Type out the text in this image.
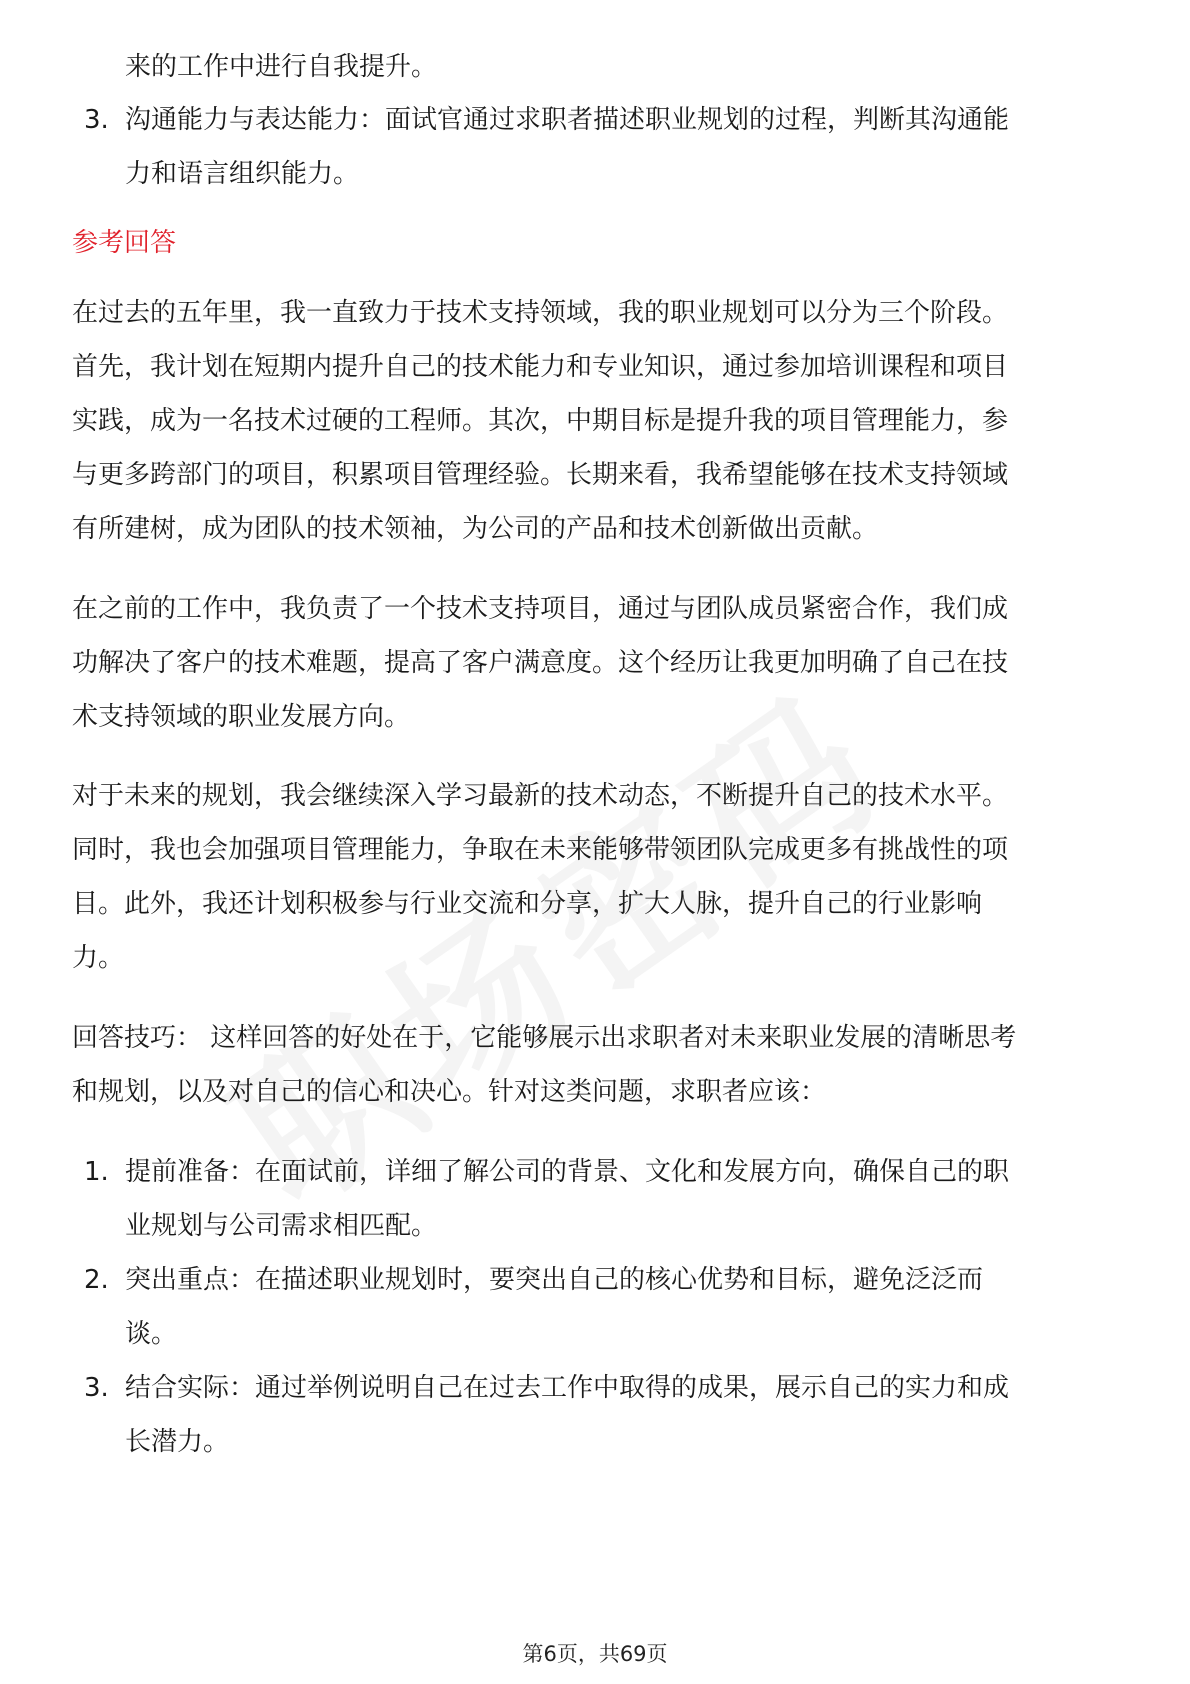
来的工作中进行自我提升。
3. 沟通能力与表达能力：面试官通过求职者描述职业规划的过程，判断其沟通能
力和语言组织能力。
参考回答
在过去的五年里，我一直致力于技术支持领域，我的职业规划可以分为三个阶段。
首先，我计划在短期内提升自己的技术能力和专业知识，通过参加培训课程和项目
实践，成为一名技术过硬的工程师。其次，中期目标是提升我的项目管理能力，参
与更多跨部门的项目，积累项目管理经验。长期来看，我希望能够在技术支持领域
有所建树，成为团队的技术领袖，为公司的产品和技术创新做出贡献。
在之前的工作中，我负责了一个技术支持项目，通过与团队成员紧密合作，我们成
功解决了客户的技术难题，提高了客户满意度。这个经历让我更加明确了自己在技
术支持领域的职业发展方向。
对于未来的规划，我会继续深入学习最新的技术动态，不断提升自己的技术水平。
同时，我也会加强项目管理能力，争取在未来能够带领团队完成更多有挑战性的项
目。此外，我还计划积极参与行业交流和分享，扩大人脉，提升自己的行业影响
力。
回答技巧： 这样回答的好处在于，它能够展示出求职者对未来职业发展的清晰思考
和规划，以及对自己的信心和决心。针对这类问题，求职者应该：
1. 提前准备：在面试前，详细了解公司的背景、文化和发展方向，确保自己的职
业规划与公司需求相匹配。
2. 突出重点：在描述职业规划时，要突出自己的核心优势和目标，避免泛泛而
谈。
3. 结合实际：通过举例说明自己在过去工作中取得的成果，展示自己的实力和成
长潜力。
第6页，共69页
